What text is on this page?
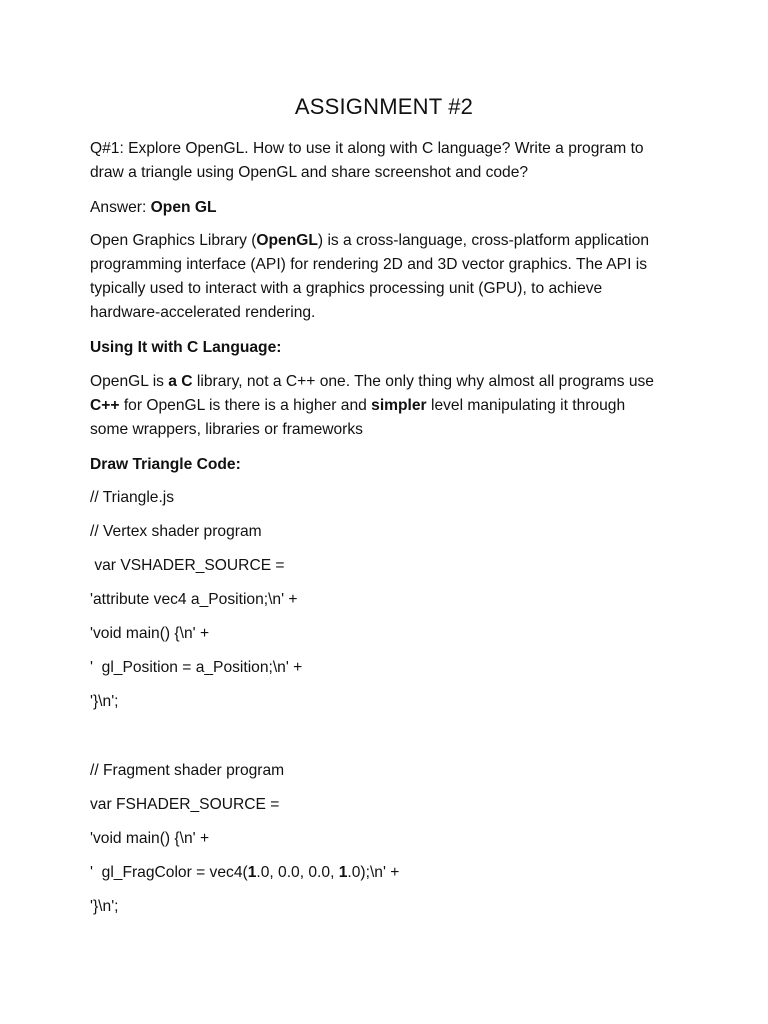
ASSIGNMENT #2
Q#1: Explore OpenGL. How to use it along with C language? Write a program to
draw a triangle using OpenGL and share screenshot and code?
Answer: Open GL
Open Graphics Library (OpenGL) is a cross-language, cross-platform application
programming interface (API) for rendering 2D and 3D vector graphics. The API is
typically used to interact with a graphics processing unit (GPU), to achieve
hardware-accelerated rendering.
Using It with C Language:
OpenGL is a C library, not a C++ one. The only thing why almost all programs use
C++ for OpenGL is there is a higher and simpler level manipulating it through
some wrappers, libraries or frameworks
Draw Triangle Code:
// Triangle.js
// Vertex shader program
var VSHADER_SOURCE =
'attribute vec4 a_Position;\n' +
'void main() {\n' +
'  gl_Position = a_Position;\n' +
'}\n';
// Fragment shader program
var FSHADER_SOURCE =
'void main() {\n' +
'  gl_FragColor = vec4(1.0, 0.0, 0.0, 1.0);\n' +
'}\n';
